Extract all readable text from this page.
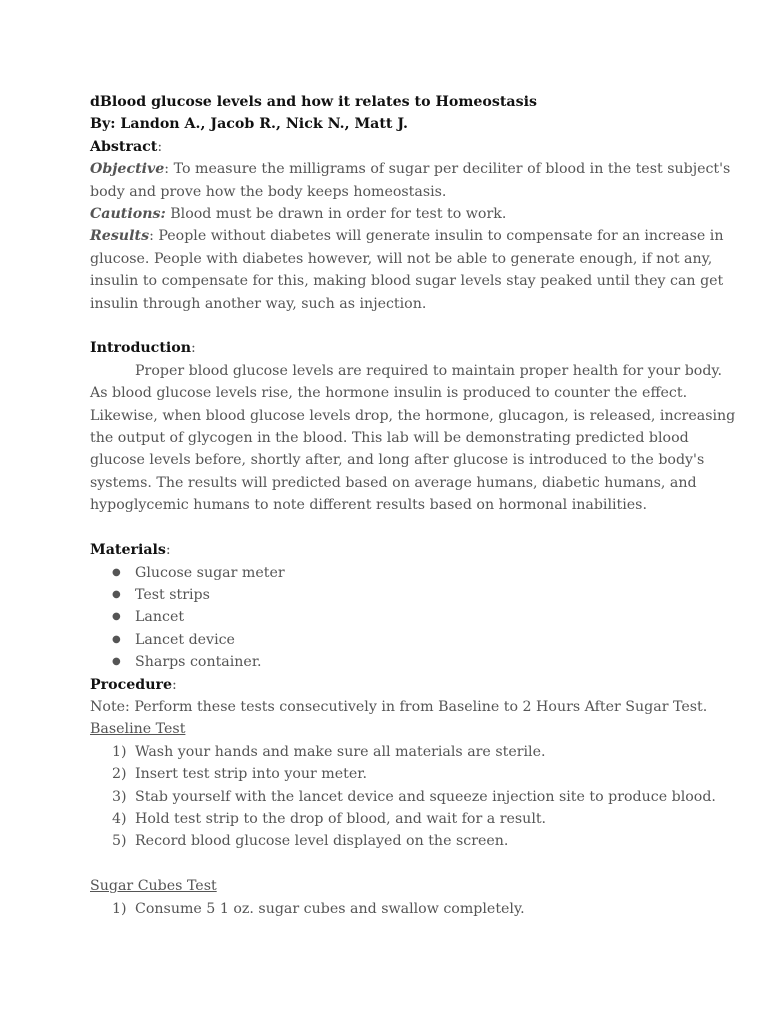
dBlood glucose levels and how it relates to Homeostasis
By: Landon A., Jacob R., Nick N., Matt J.
Abstract:
Objective: To measure the milligrams of sugar per deciliter of blood in the test subject's
body and prove how the body keeps homeostasis.
Cautions: Blood must be drawn in order for test to work.
Results: People without diabetes will generate insulin to compensate for an increase in
glucose. People with diabetes however, will not be able to generate enough, if not any,
insulin to compensate for this, making blood sugar levels stay peaked until they can get
insulin through another way, such as injection.
Introduction:
Proper blood glucose levels are required to maintain proper health for your body.
As blood glucose levels rise, the hormone insulin is produced to counter the effect.
Likewise, when blood glucose levels drop, the hormone, glucagon, is released, increasing
the output of glycogen in the blood. This lab will be demonstrating predicted blood
glucose levels before, shortly after, and long after glucose is introduced to the body's
systems. The results will predicted based on average humans, diabetic humans, and
hypoglycemic humans to note different results based on hormonal inabilities.
Materials:
● Glucose sugar meter
● Test strips
● Lancet
● Lancet device
● Sharps container.
Procedure:
Note: Perform these tests consecutively in from Baseline to 2 Hours After Sugar Test.
Baseline Test
1) Wash your hands and make sure all materials are sterile.
2) Insert test strip into your meter.
3) Stab yourself with the lancet device and squeeze injection site to produce blood.
4) Hold test strip to the drop of blood, and wait for a result.
5) Record blood glucose level displayed on the screen.
Sugar Cubes Test
1) Consume 5 1 oz. sugar cubes and swallow completely.
